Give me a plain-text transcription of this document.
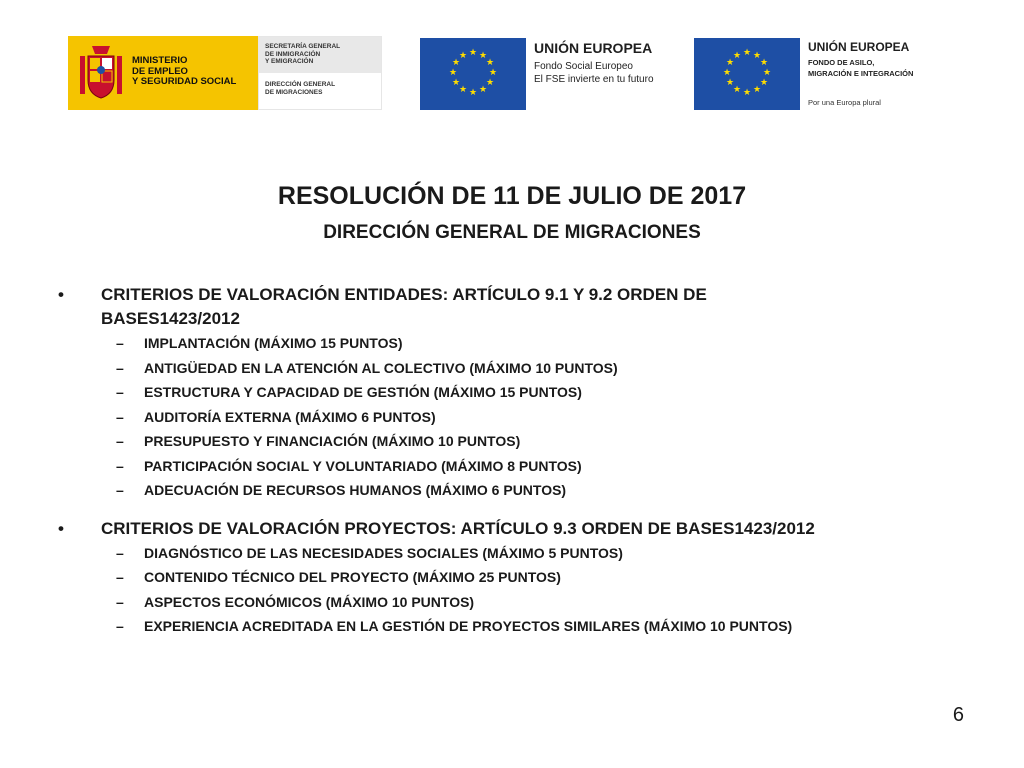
MINISTERIO
DE EMPLEO
Y SEGURIDAD SOCIAL
SECRETARÍA GENERAL
DE INMIGRACIÓN
Y EMIGRACIÓN
DIRECCIÓN GENERAL
DE MIGRACIONES
★ ★
★
★
★
★
★
★
★
★
★
★	UNIÓN EUROPEA
Fondo Social Europeo
El FSE invierte en tu futuro
★ ★
★
★
★
★
★
★
★
★
★
★
UNIÓN EUROPEA
FONDO DE ASILO,
MIGRACIÓN E INTEGRACIÓN
Por una Europa plural
RESOLUCIÓN DE 11 DE JULIO DE 2017
DIRECCIÓN GENERAL DE MIGRACIONES
•	CRITERIOS DE VALORACIÓN ENTIDADES: ARTÍCULO 9.1 Y 9.2 ORDEN DE
BASES1423/2012
– IMPLANTACIÓN (MÁXIMO 15 PUNTOS)
– ANTIGÜEDAD EN LA ATENCIÓN AL COLECTIVO (MÁXIMO 10 PUNTOS)
– ESTRUCTURA Y CAPACIDAD DE GESTIÓN (MÁXIMO 15 PUNTOS)
– AUDITORÍA EXTERNA (MÁXIMO 6 PUNTOS)
– PRESUPUESTO Y FINANCIACIÓN (MÁXIMO 10 PUNTOS)
– PARTICIPACIÓN SOCIAL Y VOLUNTARIADO (MÁXIMO 8 PUNTOS)
– ADECUACIÓN DE RECURSOS HUMANOS (MÁXIMO 6 PUNTOS)
•	CRITERIOS DE VALORACIÓN PROYECTOS: ARTÍCULO 9.3 ORDEN DE BASES1423/2012
– DIAGNÓSTICO DE LAS NECESIDADES SOCIALES (MÁXIMO 5 PUNTOS)
– CONTENIDO TÉCNICO DEL PROYECTO (MÁXIMO 25 PUNTOS)
– ASPECTOS ECONÓMICOS (MÁXIMO 10 PUNTOS)
– EXPERIENCIA ACREDITADA EN LA GESTIÓN DE PROYECTOS SIMILARES (MÁXIMO 10 PUNTOS)
6
